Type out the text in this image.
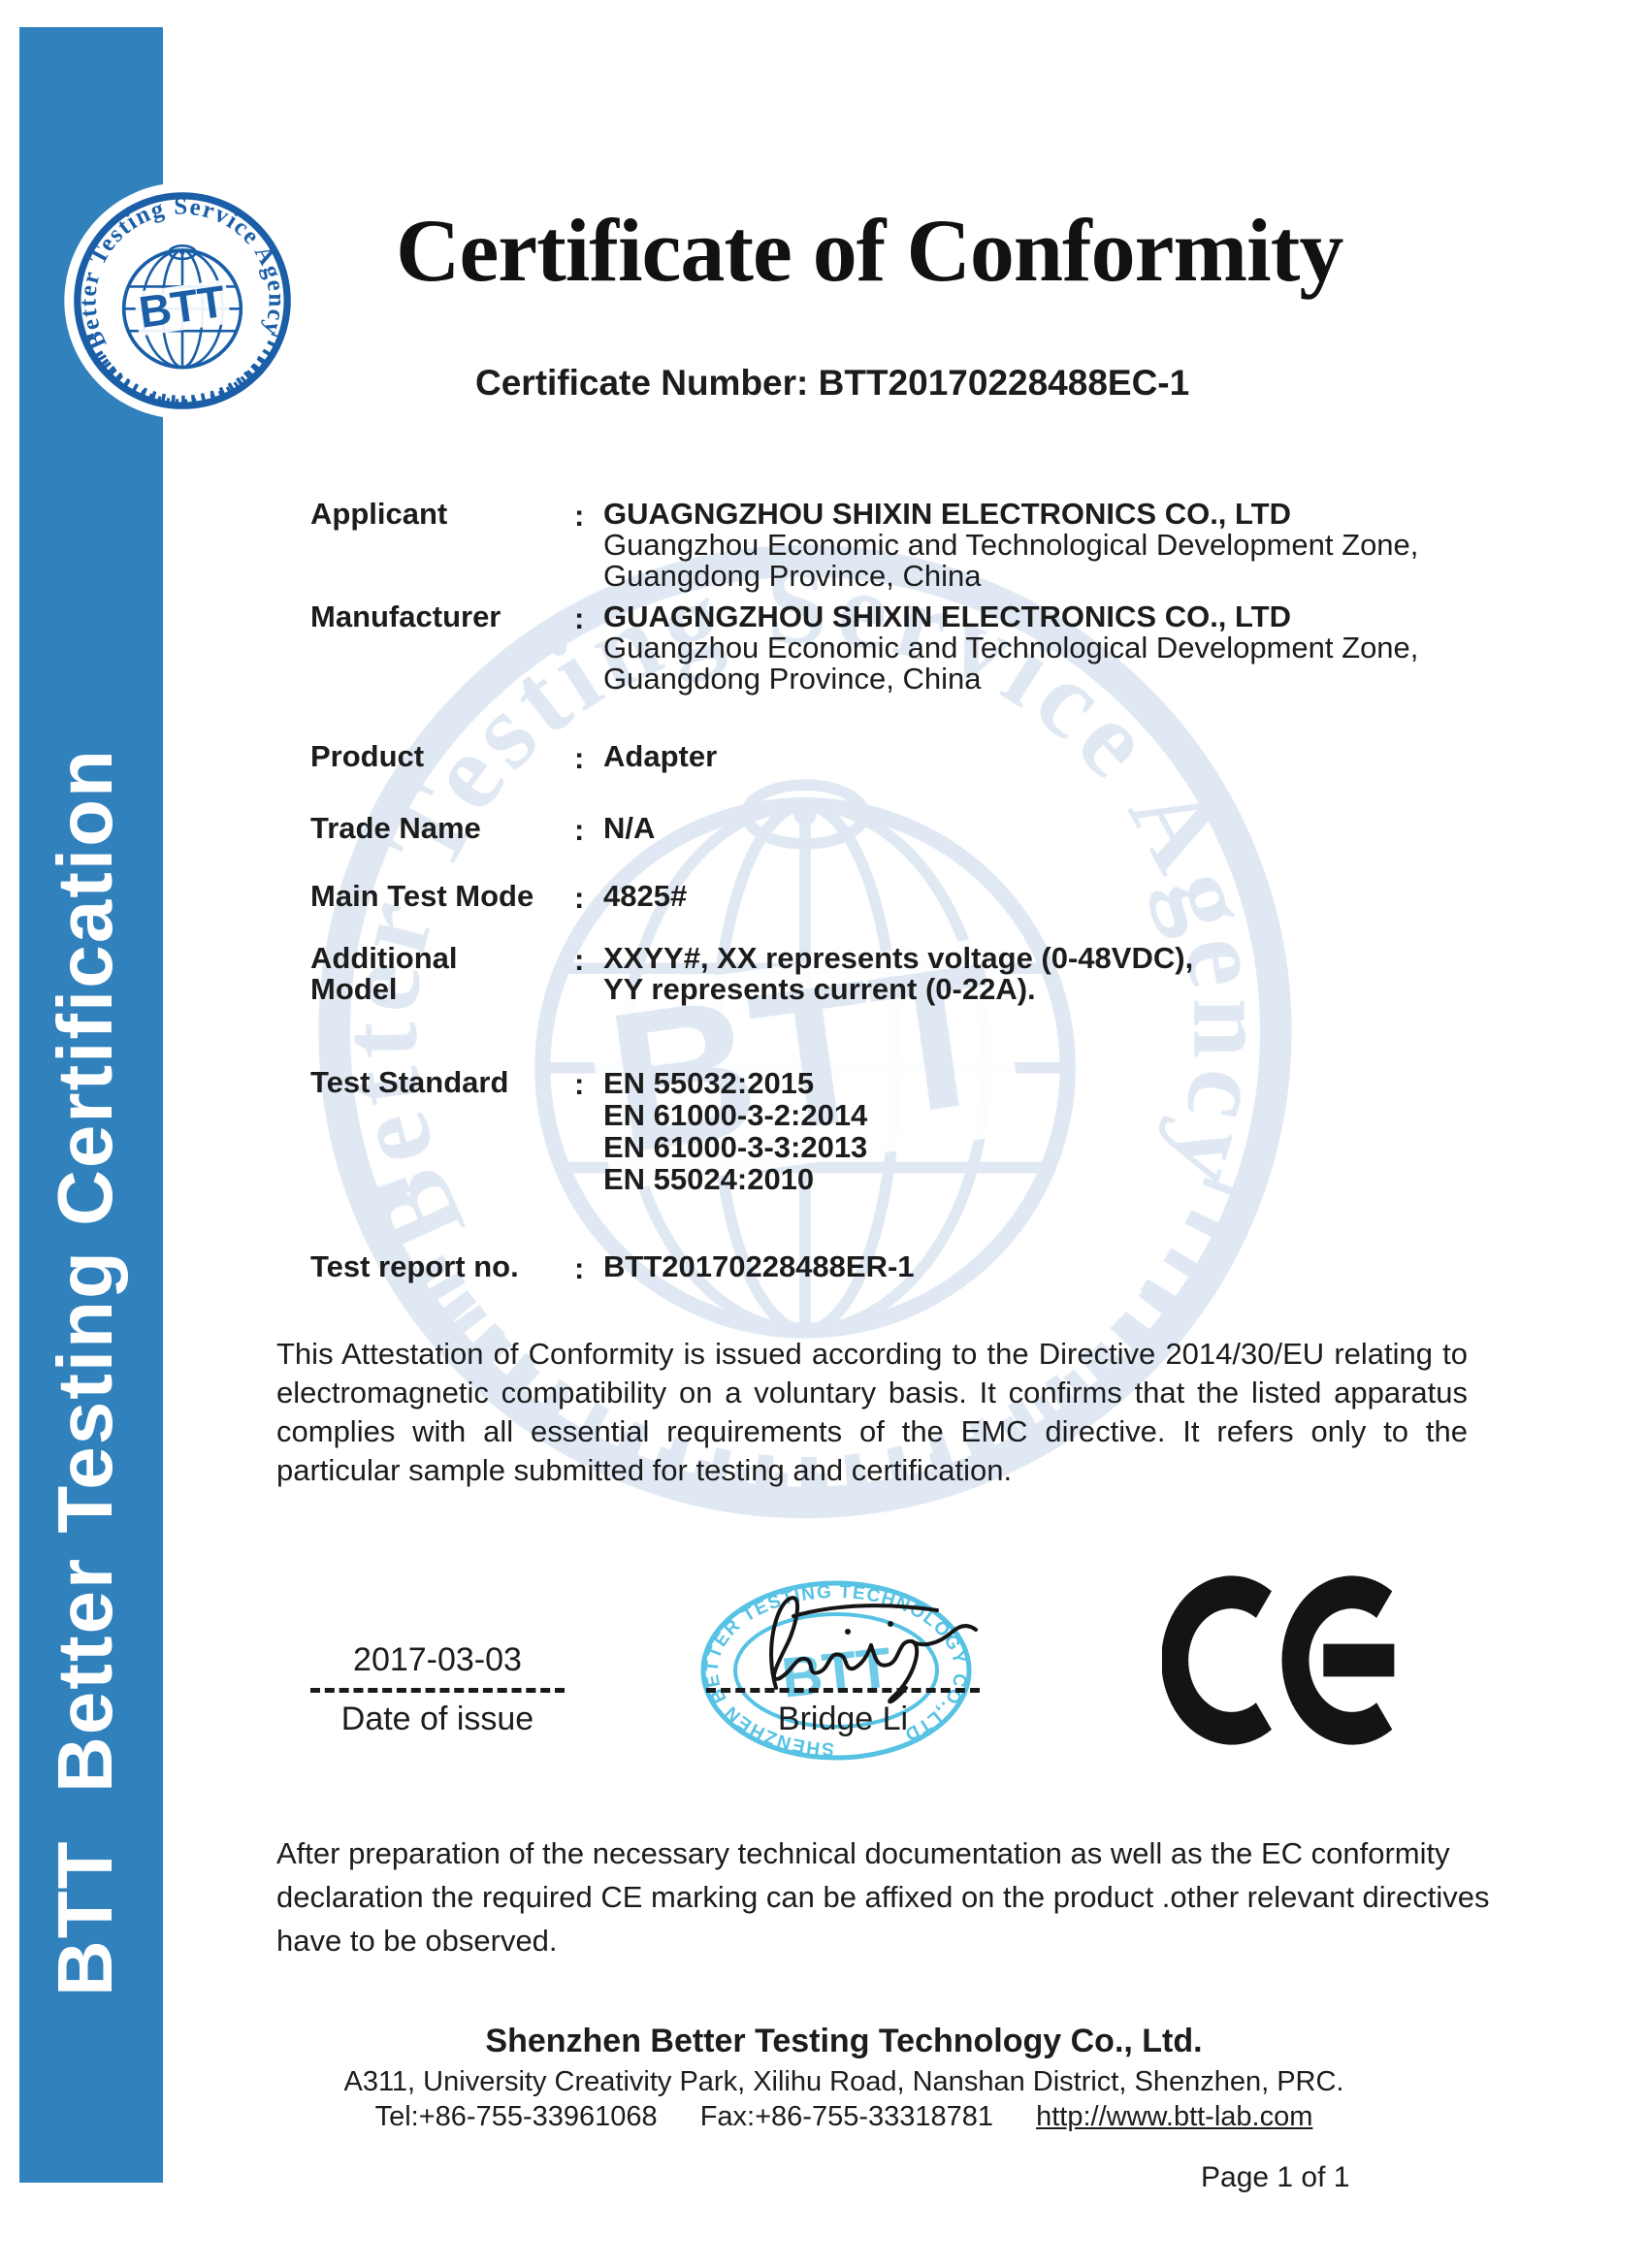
BTT  Better Testing Certification
Certificate of Conformity
Certificate Number: BTT20170228488EC-1
Applicant	: GUAGNGZHOU SHIXIN ELECTRONICS CO., LTD
Guangzhou Economic and Technological Development Zone,
Guangdong Province, China
Manufacturer	: GUAGNGZHOU SHIXIN ELECTRONICS CO., LTD
Guangzhou Economic and Technological Development Zone,
Guangdong Province, China
Product	: Adapter
Trade Name	: N/A
Main Test Mode	: 4825#
Additional
Model
: XXYY#, XX represents voltage (0-48VDC),
YY represents current (0-22A).
Test Standard	: EN 55032:2015
EN 61000-3-2:2014
EN 61000-3-3:2013
EN 55024:2010
Test report no.	: BTT20170228488ER-1
This Attestation of Conformity is issued according to the Directive 2014/30/EU relating to electromagnetic compatibility on a voluntary basis. It confirms that the listed apparatus complies with all essential requirements of the EMC directive. It refers only to the particular sample submitted for testing and certification.
2017-03-03
Date of issue
SHENZHEN BETTER TESTING TECHNOLOGY CO.,LTD
BTT
Bridge Li
After preparation of the necessary technical documentation as well as the EC conformity declaration the required CE marking can be affixed on the product .other relevant directives have to be observed.
Shenzhen Better Testing Technology Co., Ltd.
A311, University Creativity Park, Xilihu Road, Nanshan District, Shenzhen, PRC.
Tel:+86-755-33961068 Fax:+86-755-33318781 http://www.btt-lab.com
Page 1 of 1
